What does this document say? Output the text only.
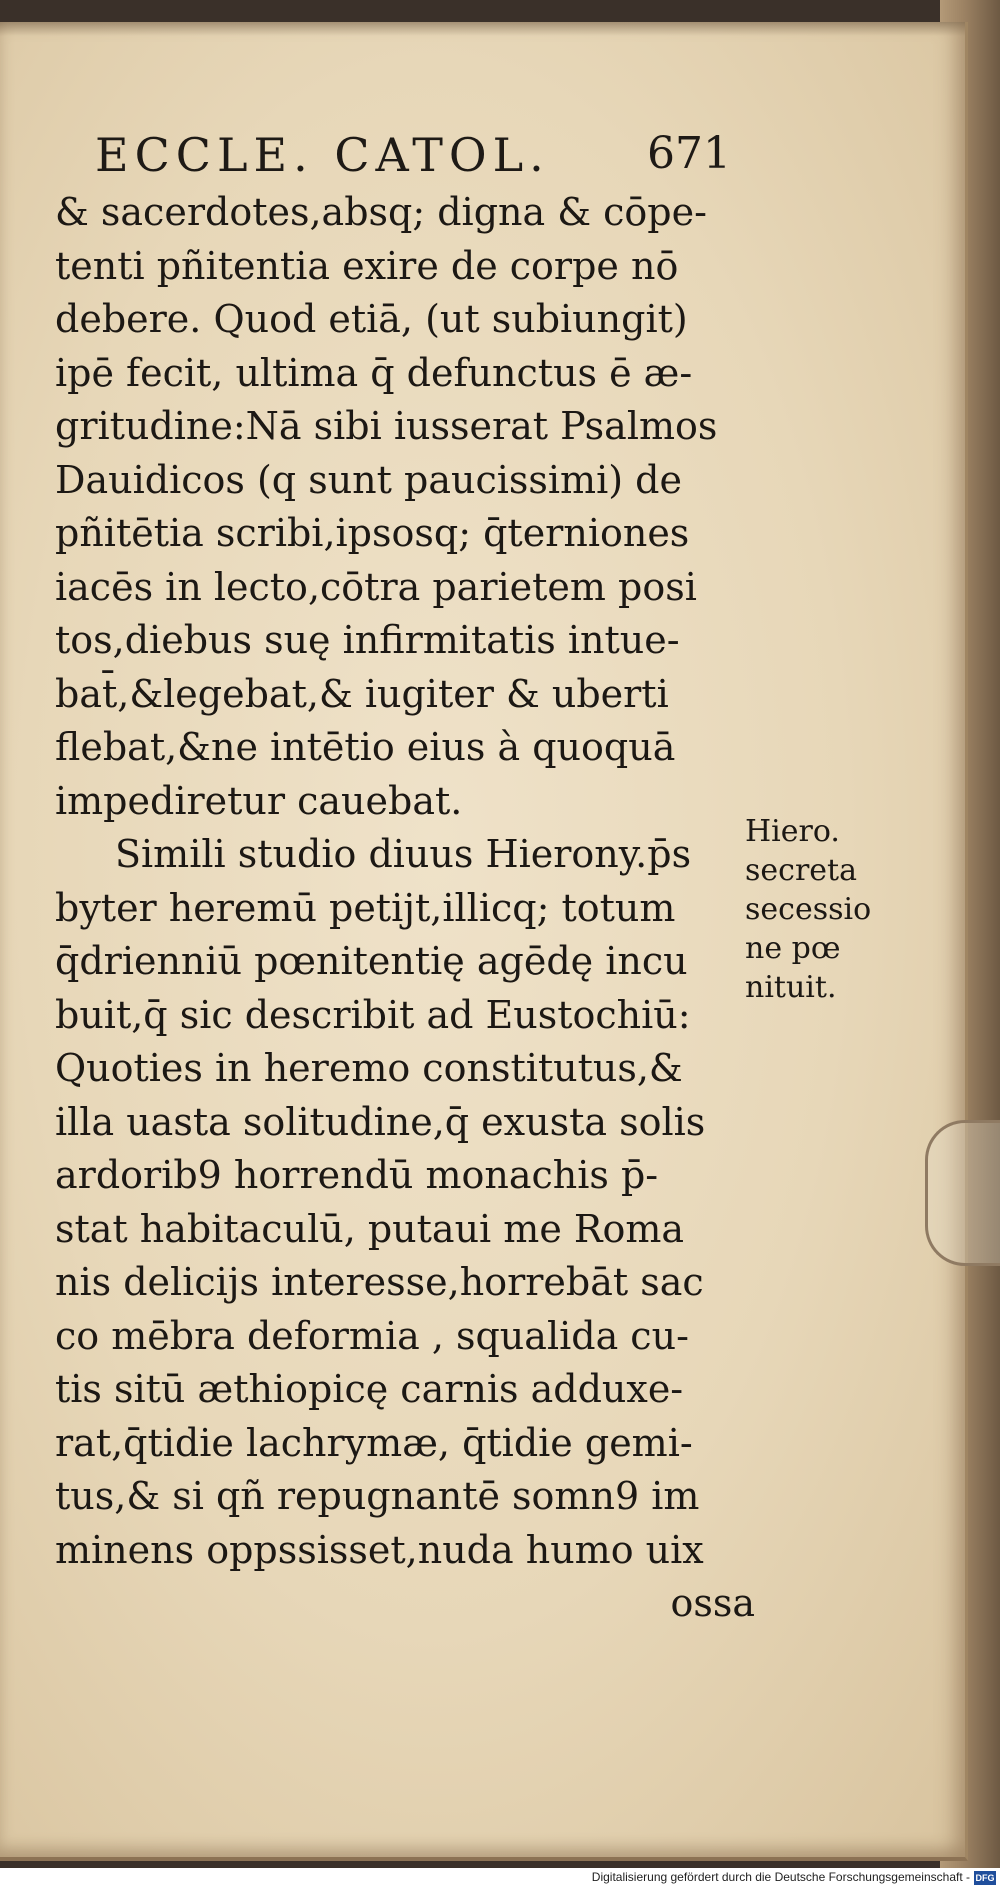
ECCLE. CATOL.	671
& sacerdotes,absq; digna & cōpe-
tenti pñitentia exire de corpe nō
debere. Quod etiā, (ut subiungit)
ipē fecit, ultima q̄ defunctus ē æ-
gritudine:Nā sibi iusserat Psalmos
Dauidicos (q sunt paucissimi) de
pñitētia scribi,ipsosq; q̄terniones
iacēs in lecto,cōtra parietem posi
tos,diebus suę infirmitatis intue-
bat̄,&legebat,& iugiter & uberti
flebat,&ne intētio eius à quoquā
impediretur cauebat.
Simili studio diuus Hierony.p̄s
byter heremū petijt,illicq; totum
q̄drienniū pœnitentię agēdę incu
buit,q̄ sic describit ad Eustochiū:
Quoties in heremo constitutus,&
illa uasta solitudine,q̄ exusta solis
ardorib9 horrendū monachis p̄-
stat habitaculū, putaui me Roma
nis delicijs interesse,horrebāt sac
co mēbra deformia , squalida cu-
tis sitū æthiopicę carnis adduxe-
rat,q̄tidie lachrymæ, q̄tidie gemi-
tus,& si qñ repugnantē somn9 im
minens oppssisset,nuda humo uix
ossa
Hiero.
secreta
secessio
ne pœ
nituit.
Digitalisierung gefördert durch die Deutsche Forschungsgemeinschaft - DFG
